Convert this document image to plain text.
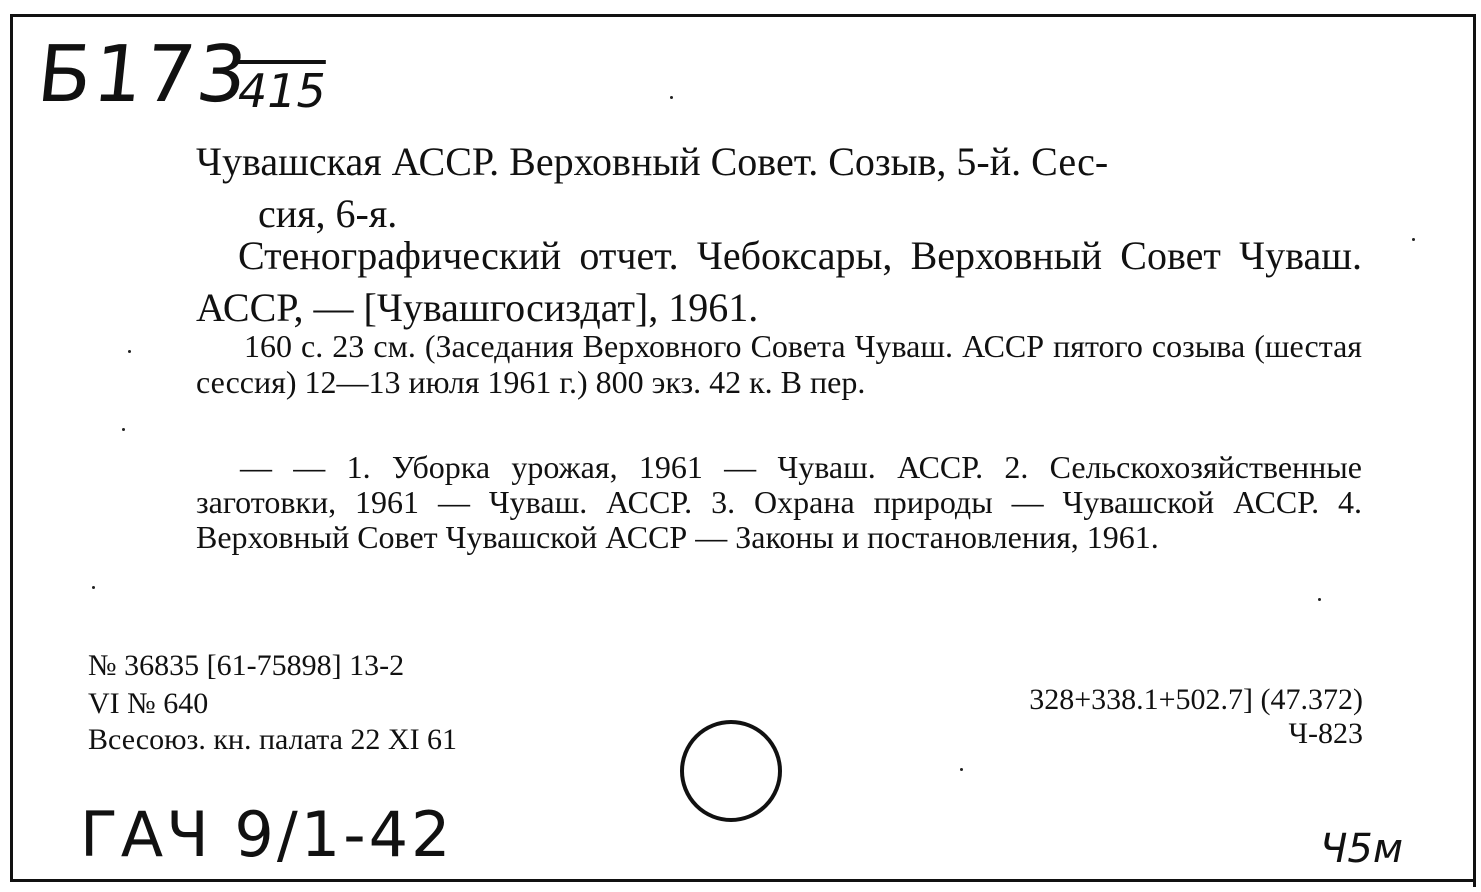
Б173
415

Чувашская АССР. Верховный Совет. Созыв, 5-й. Сес-
сия, 6-я.

Стенографический отчет. Чебоксары, Верховный Совет Чуваш. АССР, — [Чувашгосиздат], 1961.

160 с. 23 см. (Заседания Верховного Совета Чуваш. АССР пятого созыва (шестая сессия) 12—13 июля 1961 г.) 800 экз. 42 к. В пер.

— — 1. Уборка урожая, 1961 — Чуваш. АССР. 2. Сельскохозяйственные заготовки, 1961 — Чуваш. АССР. 3. Охрана природы — Чувашской АССР. 4. Верховный Совет Чувашской АССР — Законы и постановления, 1961.

№ 36835 [61-75898] 13-2
VI № 640
Всесоюз. кн. палата 22 XI 61
328+338.1+502.7] (47.372)
Ч-823
ГАЧ 9/1-42	Ч5м
